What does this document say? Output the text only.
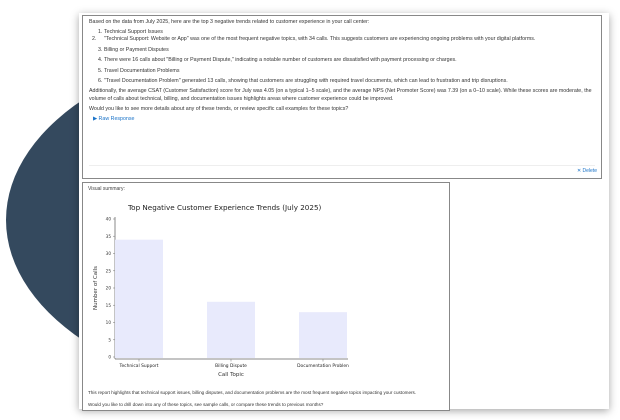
Based on the data from July 2025, here are the top 3 negative trends related to customer experience in your call center:

1. Technical Support Issues
2. "Technical Support: Website or App" was one of the most frequent negative topics, with 34 calls. This suggests customers are experiencing ongoing problems with your digital platforms.
3. Billing or Payment Disputes
4. There were 16 calls about "Billing or Payment Dispute," indicating a notable number of customers are dissatisfied with payment processing or charges.
5. Travel Documentation Problems
6. "Travel Documentation Problem" generated 13 calls, showing that customers are struggling with required travel documents, which can lead to frustration and trip disruptions.

Additionally, the average CSAT (Customer Satisfaction) score for July was 4.05 (on a typical 1–5 scale), and the average NPS (Net Promoter Score) was 7.39 (on a 0–10 scale). While these scores are moderate, the volume of calls about technical, billing, and documentation issues highlights areas where customer experience could be improved.

Would you like to see more details about any of these trends, or review specific call examples for these topics?

▶ Raw Response
✕ Delete
Visual summary:
Top Negative Customer Experience Trends (July 2025)
0
5
10
15
20
25
30
35
40
Technical Support	Billing Dispute	Documentation Problen
Number of Calls
Call Topic
This report highlights that technical support issues, billing disputes, and documentation problems are the most frequent negative topics impacting your customers.
Would you like to drill down into any of these topics, see sample calls, or compare these trends to previous months?
